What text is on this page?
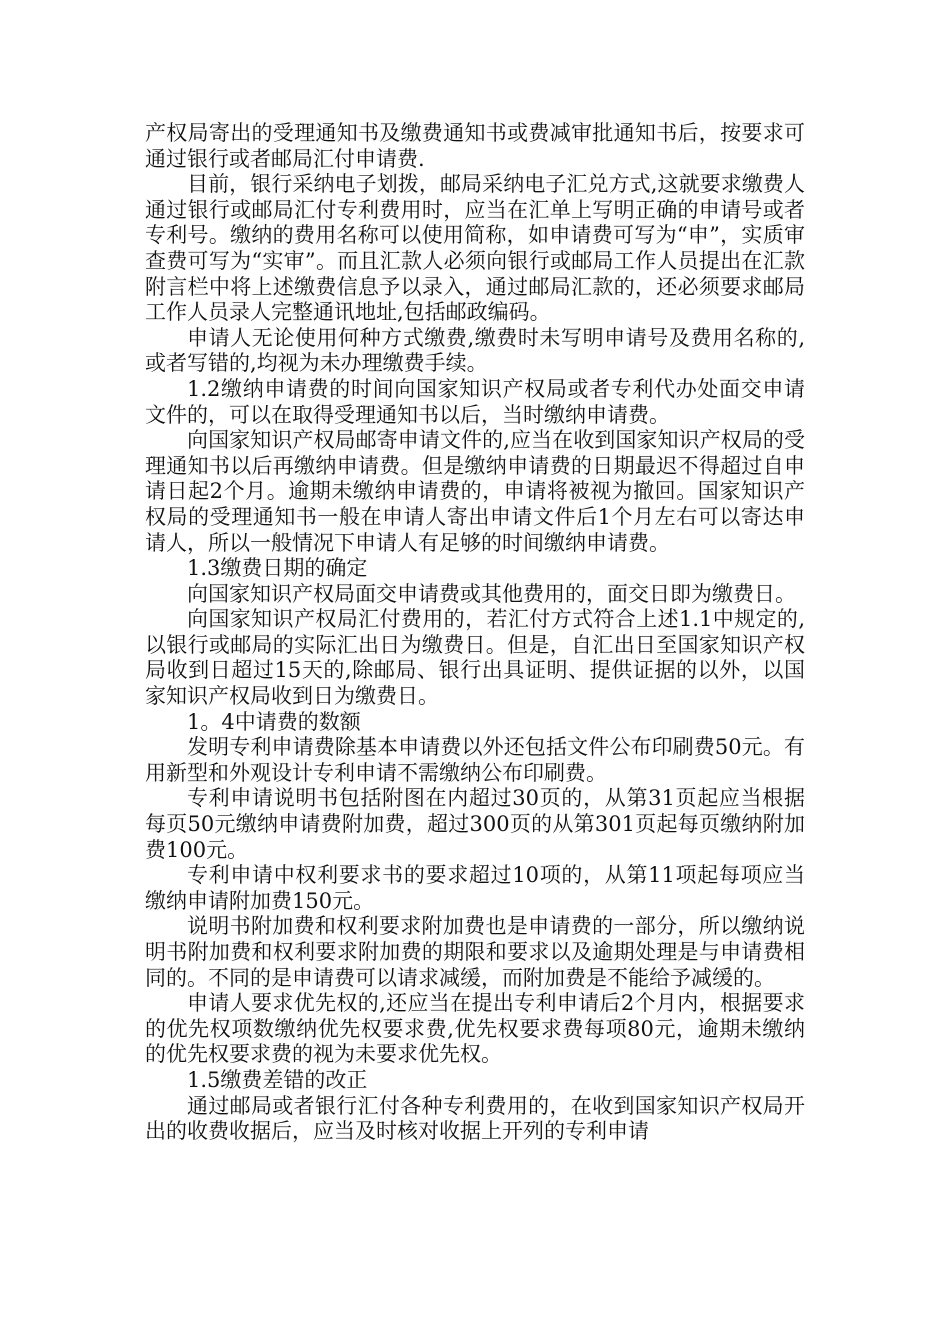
产权局寄出的受理通知书及缴费通知书或费减审批通知书后，按要求可通过银行或者邮局汇付申请费.

目前，银行采纳电子划拨，邮局采纳电子汇兑方式,这就要求缴费人通过银行或邮局汇付专利费用时，应当在汇单上写明正确的申请号或者专利号。缴纳的费用名称可以使用简称，如申请费可写为“申”，实质审查费可写为“实审”。而且汇款人必须向银行或邮局工作人员提出在汇款附言栏中将上述缴费信息予以录入，通过邮局汇款的，还必须要求邮局工作人员录人完整通讯地址,包括邮政编码。

申请人无论使用何种方式缴费,缴费时未写明申请号及费用名称的,或者写错的,均视为未办理缴费手续。

1.2缴纳申请费的时间向国家知识产权局或者专利代办处面交申请文件的，可以在取得受理通知书以后，当时缴纳申请费。

向国家知识产权局邮寄申请文件的,应当在收到国家知识产权局的受理通知书以后再缴纳申请费。但是缴纳申请费的日期最迟不得超过自申请日起2个月。逾期未缴纳申请费的，申请将被视为撤回。国家知识产权局的受理通知书一般在申请人寄出申请文件后1个月左右可以寄达申请人，所以一般情况下申请人有足够的时间缴纳申请费。

1.3缴费日期的确定

向国家知识产权局面交申请费或其他费用的，面交日即为缴费日。

向国家知识产权局汇付费用的，若汇付方式符合上述1.1中规定的,以银行或邮局的实际汇出日为缴费日。但是，自汇出日至国家知识产权局收到日超过15天的,除邮局、银行出具证明、提供证据的以外，以国家知识产权局收到日为缴费日。

1。4中请费的数额

发明专利申请费除基本申请费以外还包括文件公布印刷费50元。有用新型和外观设计专利申请不需缴纳公布印刷费。

专利申请说明书包括附图在内超过30页的，从第31页起应当根据每页50元缴纳申请费附加费，超过300页的从第301页起每页缴纳附加费100元。

专利申请中权利要求书的要求超过10项的，从第11项起每项应当缴纳申请附加费150元。

说明书附加费和权利要求附加费也是申请费的一部分，所以缴纳说明书附加费和权利要求附加费的期限和要求以及逾期处理是与申请费相同的。不同的是申请费可以请求减缓，而附加费是不能给予减缓的。

申请人要求优先权的,还应当在提出专利申请后2个月内，根据要求的优先权项数缴纳优先权要求费,优先权要求费每项80元，逾期未缴纳的优先权要求费的视为未要求优先权。

1.5缴费差错的改正

通过邮局或者银行汇付各种专利费用的，在收到国家知识产权局开出的收费收据后，应当及时核对收据上开列的专利申请
